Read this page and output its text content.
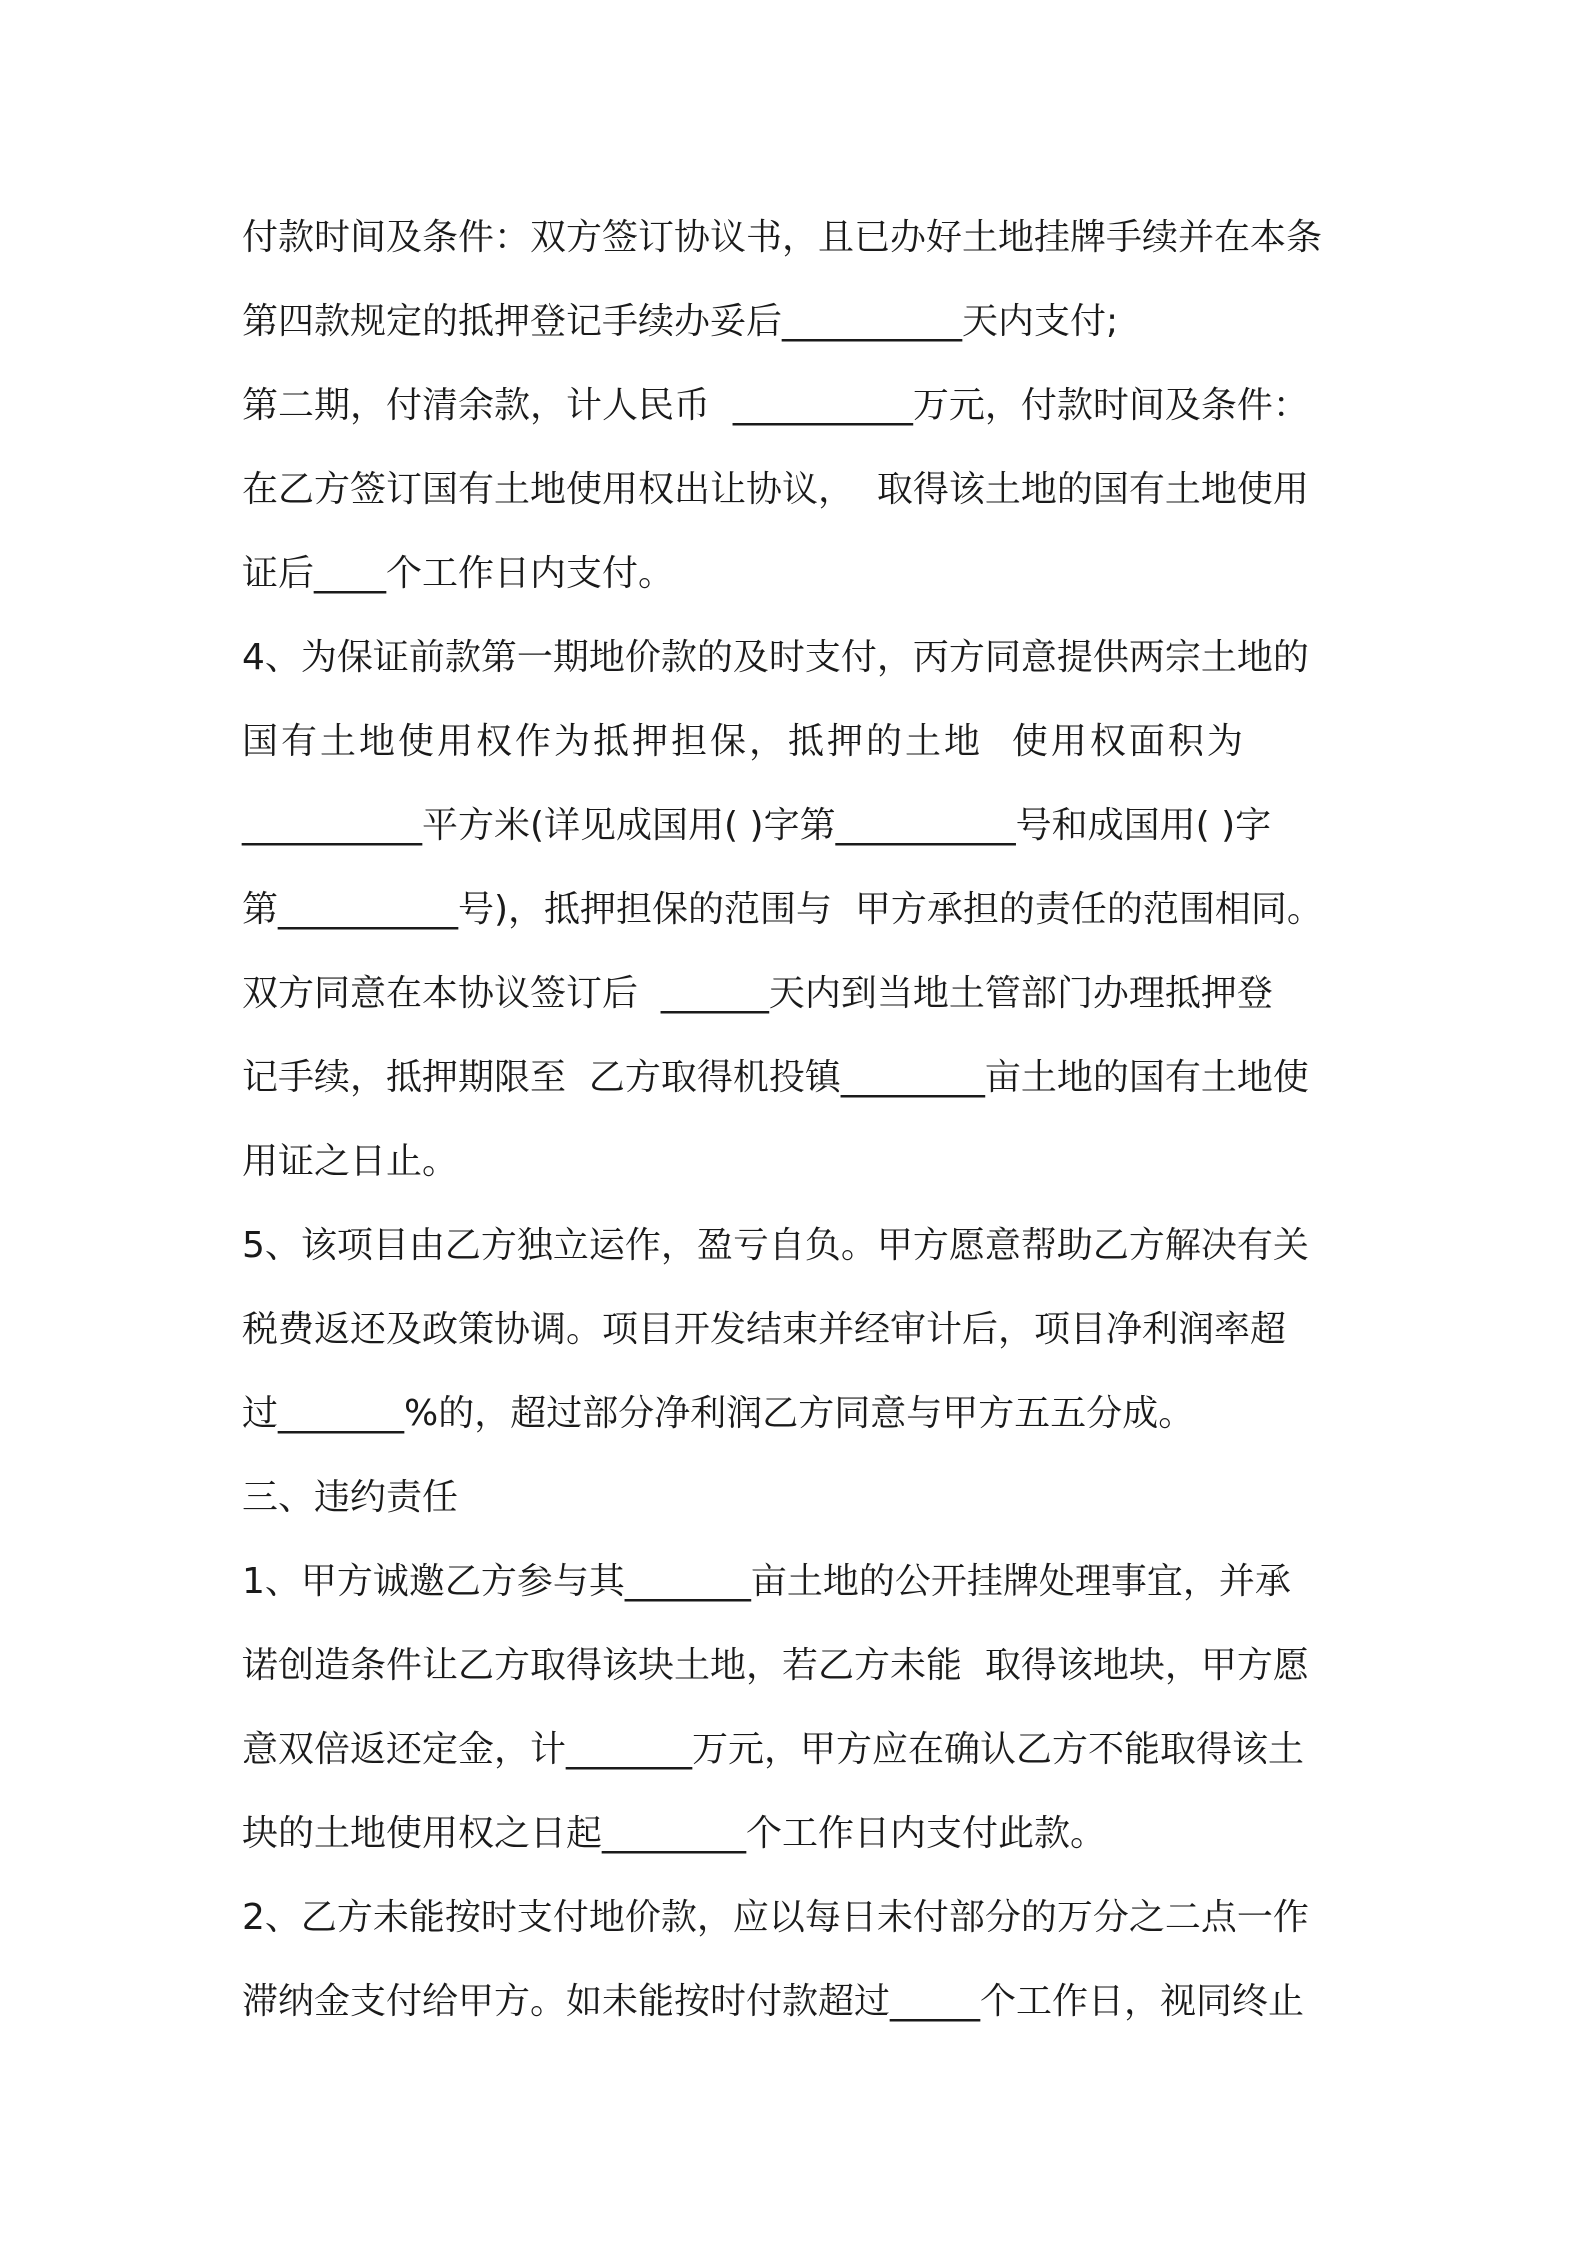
付款时间及条件：双方签订协议书，且已办好土地挂牌手续并在本条
第四款规定的抵押登记手续办妥后__________天内支付;
第二期，付清余款，计人民币  __________万元，付款时间及条件：
在乙方签订国有土地使用权出让协议，  取得该土地的国有土地使用
证后____个工作日内支付。
4、为保证前款第一期地价款的及时支付，丙方同意提供两宗土地的
国有土地使用权作为抵押担保，抵押的土地  使用权面积为
__________平方米(详见成国用( )字第__________号和成国用( )字
第__________号)，抵押担保的范围与  甲方承担的责任的范围相同。
双方同意在本协议签订后  ______天内到当地土管部门办理抵押登
记手续，抵押期限至  乙方取得机投镇________亩土地的国有土地使
用证之日止。
5、该项目由乙方独立运作，盈亏自负。甲方愿意帮助乙方解决有关
税费返还及政策协调。项目开发结束并经审计后，项目净利润率超
过_______%的，超过部分净利润乙方同意与甲方五五分成。
三、违约责任
1、甲方诚邀乙方参与其_______亩土地的公开挂牌处理事宜，并承
诺创造条件让乙方取得该块土地，若乙方未能  取得该地块，甲方愿
意双倍返还定金，计_______万元，甲方应在确认乙方不能取得该土
块的土地使用权之日起________个工作日内支付此款。
2、乙方未能按时支付地价款，应以每日未付部分的万分之二点一作
滞纳金支付给甲方。如未能按时付款超过_____个工作日，视同终止
